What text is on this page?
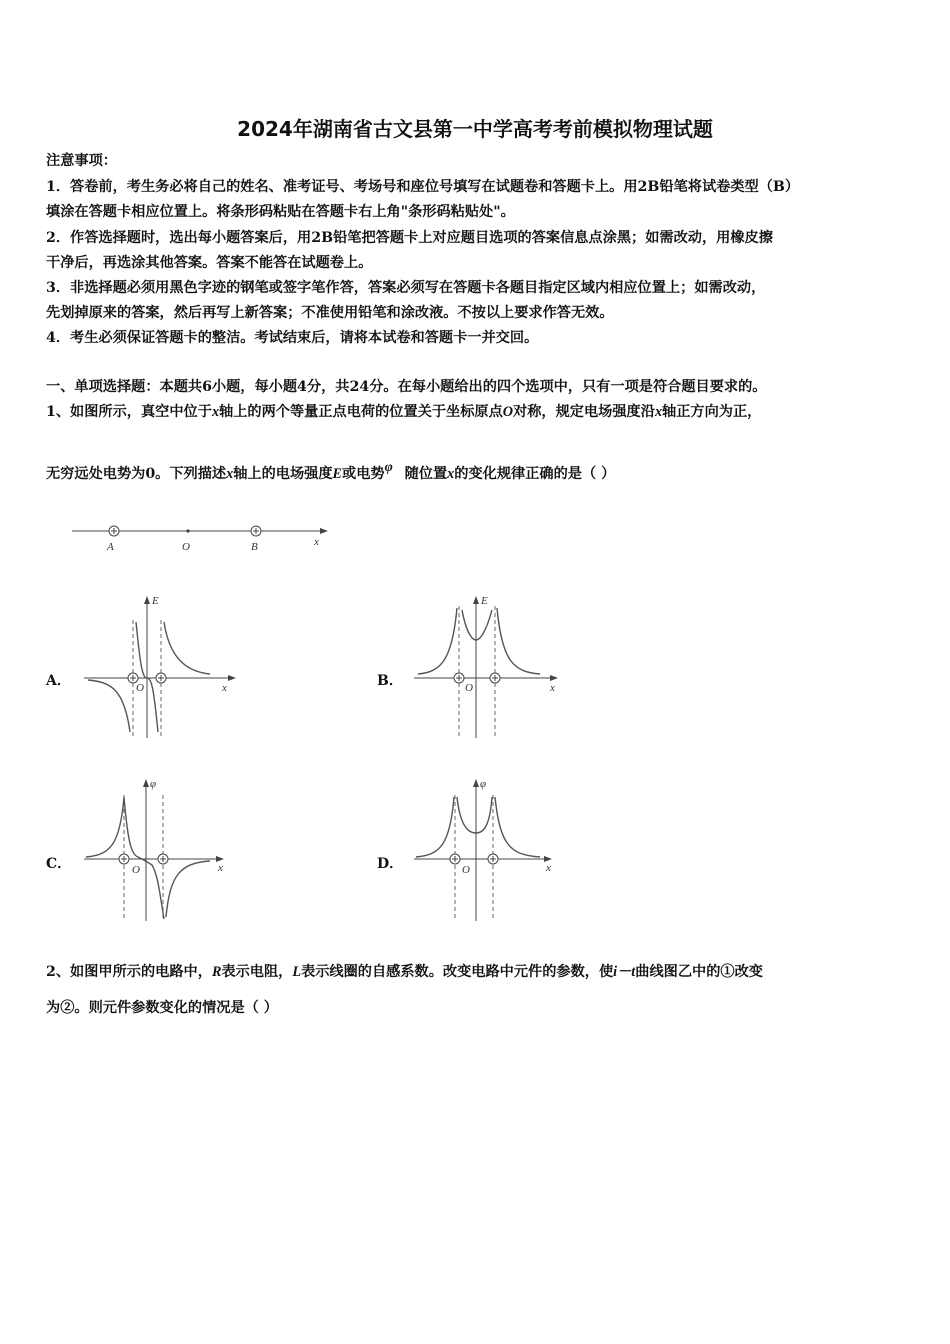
2024年湖南省古文县第一中学高考考前模拟物理试题
注意事项：
1．答卷前，考生务必将自己的姓名、准考证号、考场号和座位号填写在试题卷和答题卡上。用2B铅笔将试卷类型（B）
填涂在答题卡相应位置上。将条形码粘贴在答题卡右上角"条形码粘贴处"。
2．作答选择题时，选出每小题答案后，用2B铅笔把答题卡上对应题目选项的答案信息点涂黑；如需改动，用橡皮擦
干净后，再选涂其他答案。答案不能答在试题卷上。
3．非选择题必须用黑色字迹的钢笔或签字笔作答，答案必须写在答题卡各题目指定区域内相应位置上；如需改动，
先划掉原来的答案，然后再写上新答案；不准使用铅笔和涂改液。不按以上要求作答无效。
4．考生必须保证答题卡的整洁。考试结束后，请将本试卷和答题卡一并交回。
一、单项选择题：本题共6小题，每小题4分，共24分。在每小题给出的四个选项中，只有一项是符合题目要求的。
1、如图所示，真空中位于x轴上的两个等量正点电荷的位置关于坐标原点O对称，规定电场强度沿x轴正方向为正，
无穷远处电势为0。下列描述x轴上的电场强度E或电势 φ 随位置x的变化规律正确的是（ ）
A	O	B	x
A．
E
O	x	B．
E
O	x
C．
φ
O	x	D．
φ
O	x
2、如图甲所示的电路中，R表示电阻，L表示线圈的自感系数。改变电路中元件的参数，使i－t曲线图乙中的①改变
为②。则元件参数变化的情况是（ ）
